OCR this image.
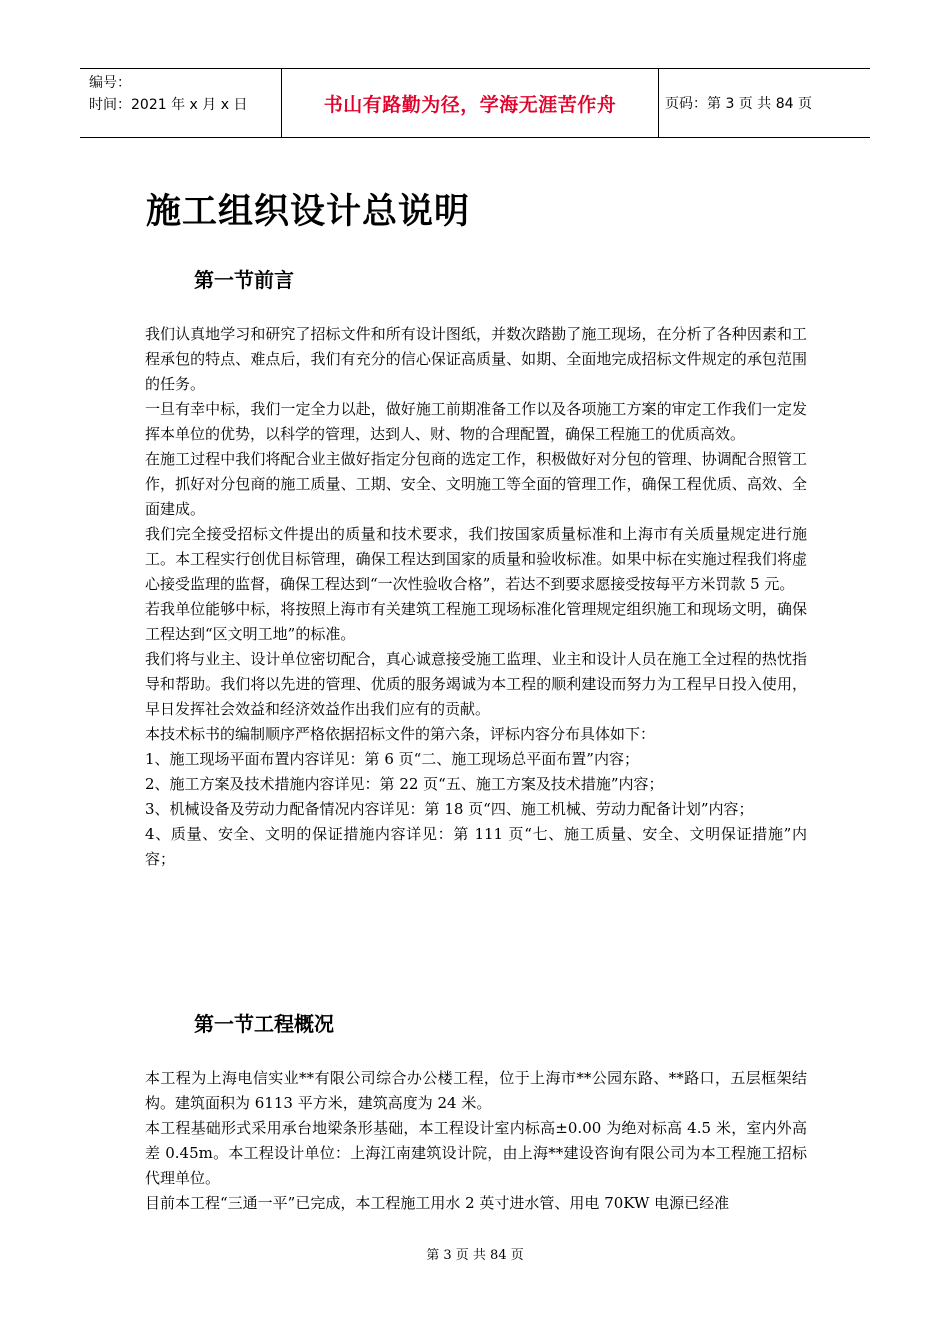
编号：
时间：2021 年 x 月 x 日	书山有路勤为径，学海无涯苦作舟	页码：第 3 页 共 84 页
施工组织设计总说明
第一节前言

我们认真地学习和研究了招标文件和所有设计图纸，并数次踏勘了施工现场，在分析了各种因素和工程承包的特点、难点后，我们有充分的信心保证高质量、如期、全面地完成招标文件规定的承包范围的任务。

一旦有幸中标，我们一定全力以赴，做好施工前期准备工作以及各项施工方案的审定工作我们一定发挥本单位的优势，以科学的管理，达到人、财、物的合理配置，确保工程施工的优质高效。

在施工过程中我们将配合业主做好指定分包商的选定工作，积极做好对分包的管理、协调配合照管工作，抓好对分包商的施工质量、工期、安全、文明施工等全面的管理工作，确保工程优质、高效、全面建成。

我们完全接受招标文件提出的质量和技术要求，我们按国家质量标准和上海市有关质量规定进行施工。本工程实行创优目标管理，确保工程达到国家的质量和验收标准。如果中标在实施过程我们将虚心接受监理的监督，确保工程达到“一次性验收合格”，若达不到要求愿接受按每平方米罚款 5 元。

若我单位能够中标，将按照上海市有关建筑工程施工现场标准化管理规定组织施工和现场文明，确保工程达到“区文明工地”的标准。

我们将与业主、设计单位密切配合，真心诚意接受施工监理、业主和设计人员在施工全过程的热忱指导和帮助。我们将以先进的管理、优质的服务竭诚为本工程的顺利建设而努力为工程早日投入使用，早日发挥社会效益和经济效益作出我们应有的贡献。

本技术标书的编制顺序严格依据招标文件的第六条，评标内容分布具体如下：

1、施工现场平面布置内容详见：第 6 页“二、施工现场总平面布置”内容；

2、施工方案及技术措施内容详见：第 22 页“五、施工方案及技术措施”内容；

3、机械设备及劳动力配备情况内容详见：第 18 页“四、施工机械、劳动力配备计划”内容；

4、质量、安全、文明的保证措施内容详见：第 111 页“七、施工质量、安全、文明保证措施”内容；

第一节工程概况

本工程为上海电信实业**有限公司综合办公楼工程，位于上海市**公园东路、**路口，五层框架结构。建筑面积为 6113 平方米，建筑高度为 24 米。

本工程基础形式采用承台地梁条形基础，本工程设计室内标高±0.00 为绝对标高 4.5 米，室内外高差 0.45m。本工程设计单位：上海江南建筑设计院，由上海**建设咨询有限公司为本工程施工招标代理单位。

目前本工程“三通一平”已完成，本工程施工用水 2 英寸进水管、用电 70KW 电源已经准

第 3 页 共 84 页
